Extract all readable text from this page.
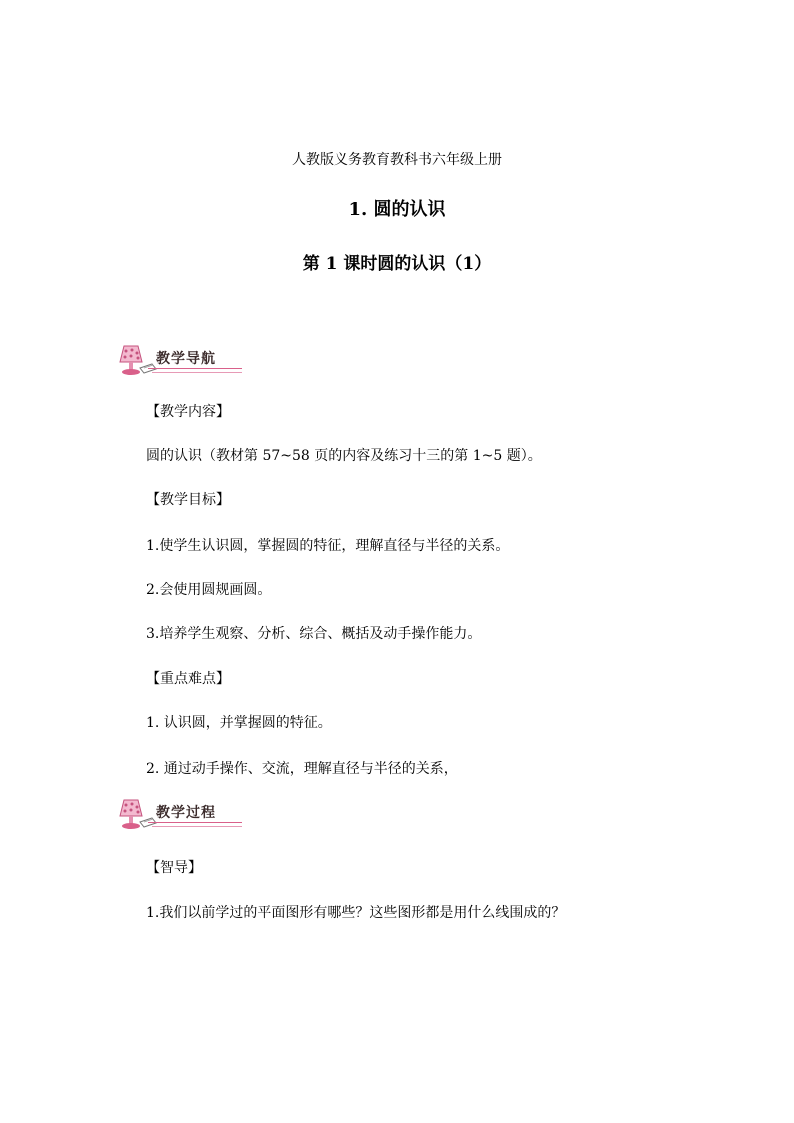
人教版义务教育教科书六年级上册
1. 圆的认识
第 1 课时圆的认识（1）
教学导航
【教学内容】
圆的认识（教材第 57~58 页的内容及练习十三的第 1~5 题）。
【教学目标】
1.使学生认识圆，掌握圆的特征，理解直径与半径的关系。
2.会使用圆规画圆。
3.培养学生观察、分析、综合、概括及动手操作能力。
【重点难点】
1. 认识圆，并掌握圆的特征。
2. 通过动手操作、交流，理解直径与半径的关系，
教学过程
【智导】
1.我们以前学过的平面图形有哪些？这些图形都是用什么线围成的？
